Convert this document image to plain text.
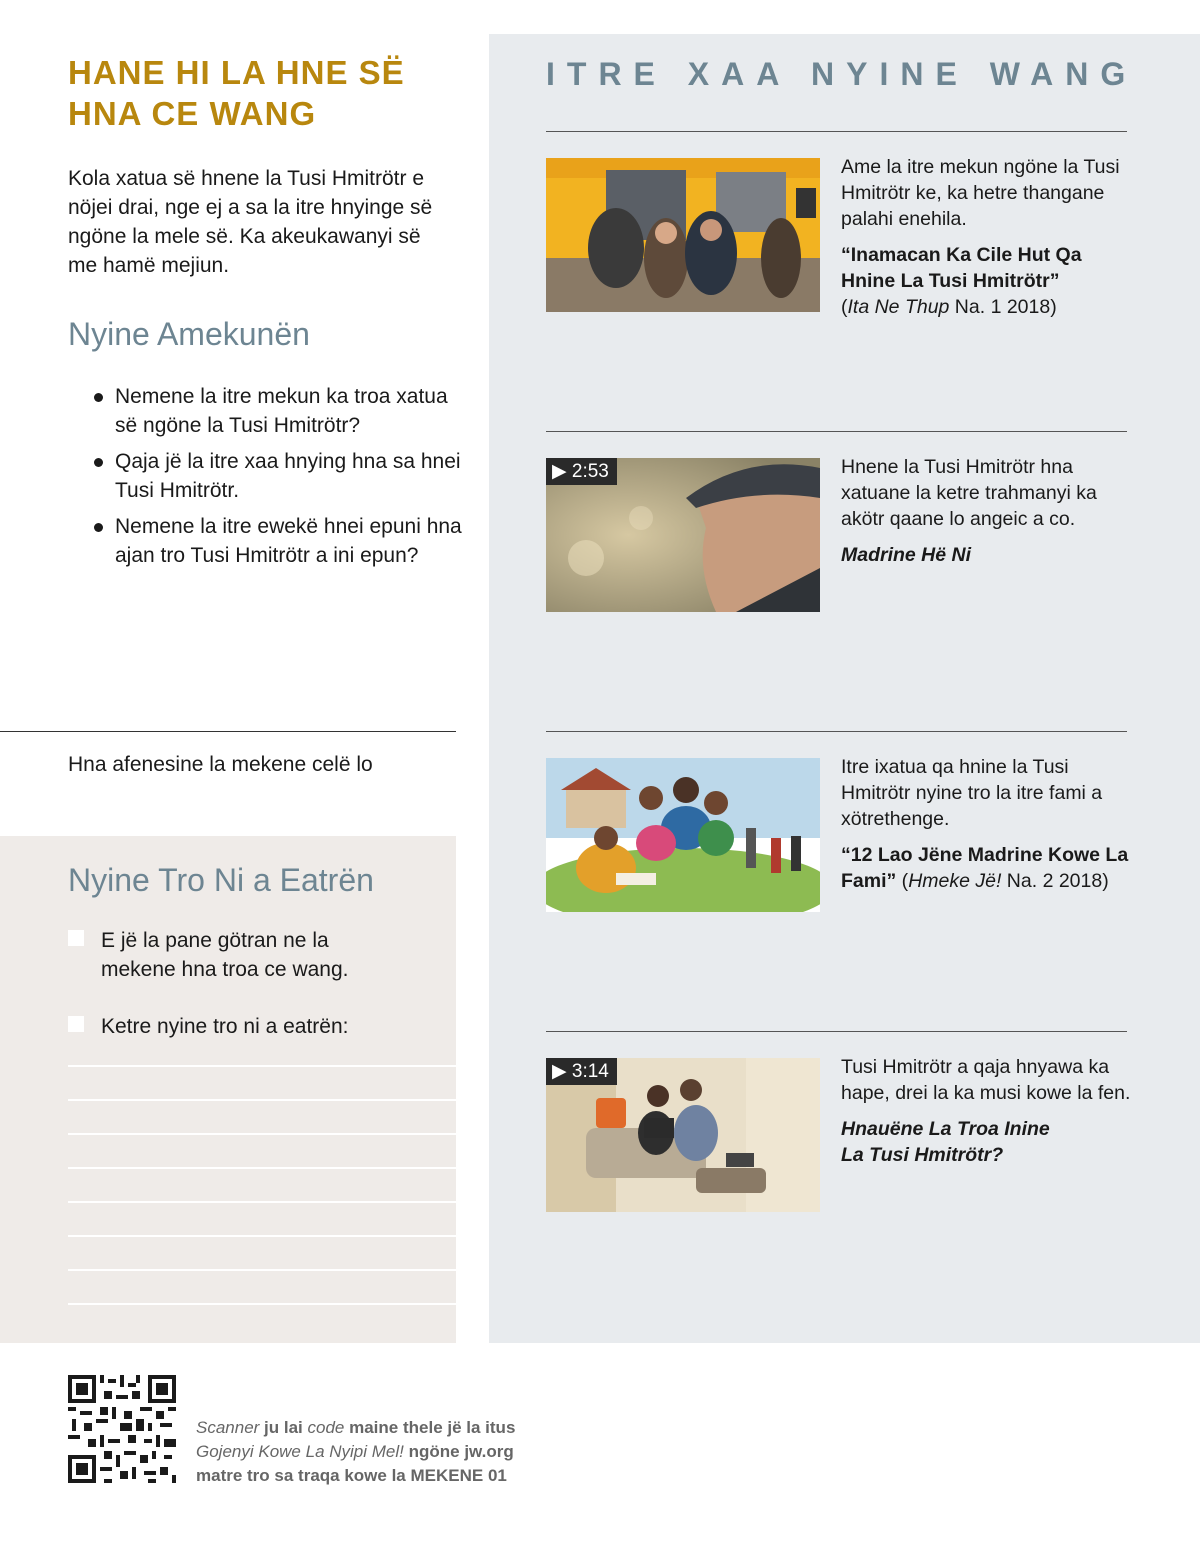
HANE HI LA HNE SË
HNA CE WANG

Kola xatua së hnene la Tusi Hmitrötr e nöjei drai, nge ej a sa la itre hnyinge së ngöne la mele së. Ka akeukawanyi së me hamë mejiun.

Nyine Amekunën
Nemene la itre mekun ka troa xatua së ngöne la Tusi Hmitrötr?
Qaja jë la itre xaa hnying hna sa hnei Tusi Hmitrötr.
Nemene la itre ewekë hnei epuni hna ajan tro Tusi Hmitrötr a ini epun?
Hna afenesine la mekene celë lo
Nyine Tro Ni a Eatrën
E jë la pane götran ne la mekene hna troa ce wang.
Ketre nyine tro ni a eatrën:
ITRE XAA NYINE WANG

Ame la itre mekun ngöne la Tusi Hmitrötr ke, ka hetre thangane palahi enehila.

“Inamacan Ka Cile Hut Qa Hnine La Tusi Hmitrötr”
(Ita Ne Thup Na. 1 2018)

▶ 2:53	Hnene la Tusi Hmitrötr hna xatuane la ketre trahmanyi ka akötr qaane lo angeic a co.

Madrine Hë Ni

Itre ixatua qa hnine la Tusi Hmitrötr nyine tro la itre fami a xötrethenge.

“12 Lao Jëne Madrine Kowe La Fami” (Hmeke Jë! Na. 2 2018)

▶ 3:14	Tusi Hmitrötr a qaja hnyawa ka hape, drei la ka musi kowe la fen.

Hnauëne La Troa Inine La Tusi Hmitrötr?

Scanner ju lai code maine thele jë la itus
Gojenyi Kowe La Nyipi Mel! ngöne jw.org
matre tro sa traqa kowe la MEKENE 01
